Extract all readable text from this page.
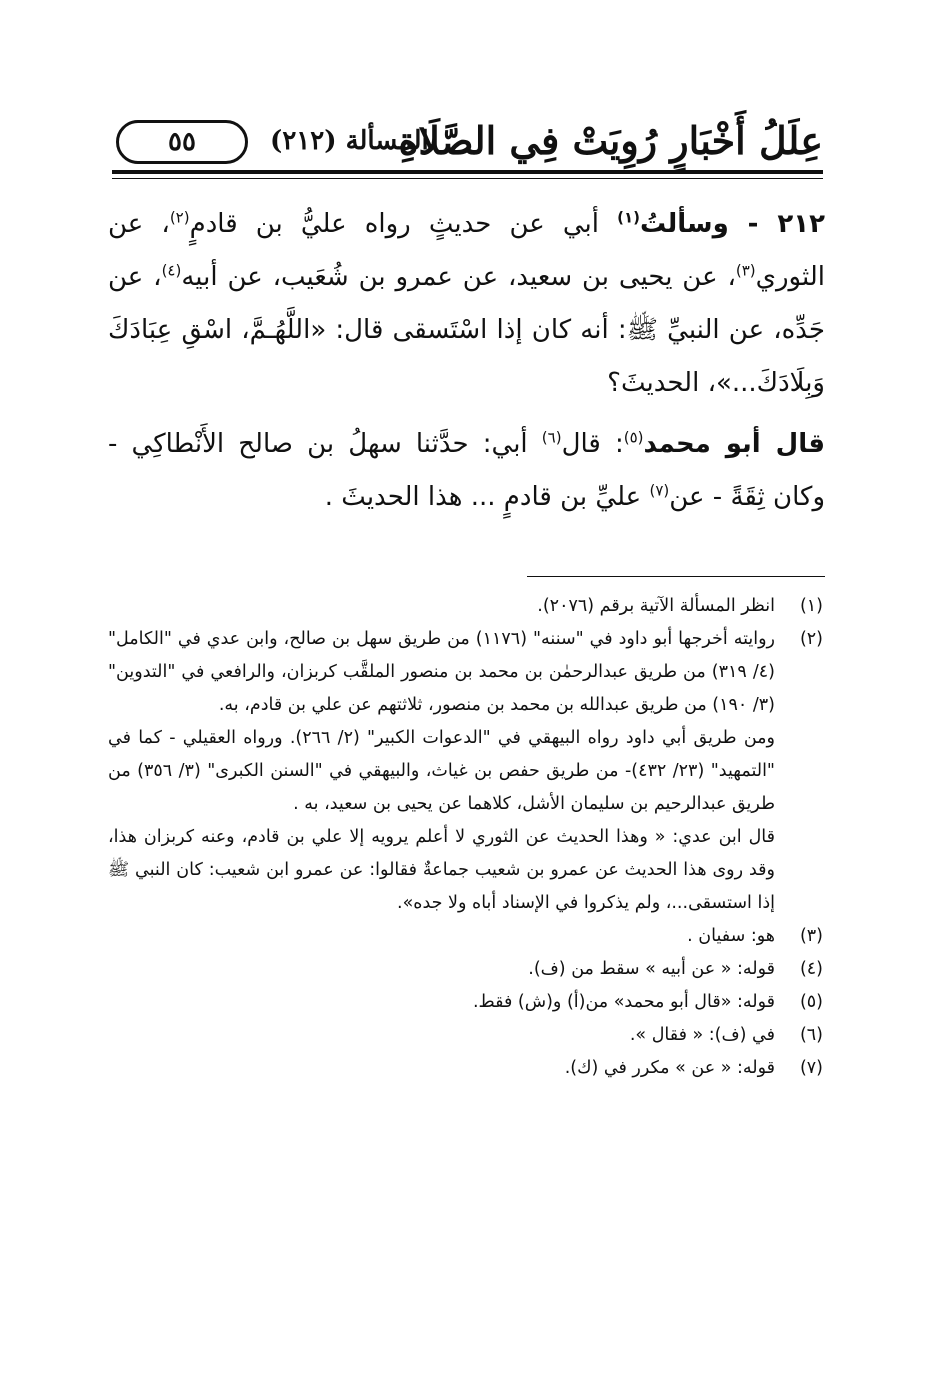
عِلَلُ أَخْبَارٍ رُوِيَتْ فِي الصَّلَاةِ
المسألة (٢١٢)
٥٥

٢١٢ - وسألتُ$^{(١)}$ أبي عن حديثٍ رواه عليُّ بن قادمٍ$^{(٢)}$، عن الثوري$^{(٣)}$، عن يحيى بن سعيد، عن عمرو بن شُعَيب، عن أبيه$^{(٤)}$، عن جَدِّه، عن النبيِّ ﷺ: أنه كان إذا اسْتَسقى قال: «اللَّهُـمَّ، اسْقِ عِبَادَكَ وَبِلَادَكَ...»، الحديثَ؟

قال أبو محمد$^{(٥)}$: قال$^{(٦)}$ أبي: حدَّثنا سهلُ بن صالح الأَنْطاكِي - وكان ثِقَةً - عن$^{(٧)}$ عليِّ بن قادمٍ ... هذا الحديثَ .

(١)

انظر المسألة الآتية برقم (٢٠٧٦).

(٢)

روايته أخرجها أبو داود في "سننه" (١١٧٦) من طريق سهل بن صالح، وابن عدي في "الكامل" (٤/ ٣١٩) من طريق عبدالرحمٰن بن محمد بن منصور الملقَّب كربزان، والرافعي في "التدوين" (٣/ ١٩٠) من طريق عبدالله بن محمد بن منصور، ثلاثتهم عن علي بن قادم، به.

ومن طريق أبي داود رواه البيهقي في "الدعوات الكبير" (٢/ ٢٦٦). ورواه العقيلي - كما في "التمهيد" (٢٣/ ٤٣٢)- من طريق حفص بن غياث، والبيهقي في "السنن الكبرى" (٣/ ٣٥٦) من طريق عبدالرحيم بن سليمان الأشل، كلاهما عن يحيى بن سعيد، به .

قال ابن عدي: « وهذا الحديث عن الثوري لا أعلم يرويه إلا علي بن قادم، وعنه كربزان هذا، وقد روى هذا الحديث عن عمرو بن شعيب جماعةٌ فقالوا: عن عمرو ابن شعيب: كان النبي ﷺ إذا استسقى...، ولم يذكروا في الإسناد أباه ولا جده».

(٣)

هو: سفيان .

(٤)

قوله: « عن أبيه » سقط من (ف).

(٥)

قوله: «قال أبو محمد» من(أ) و(ش) فقط.

(٦)

في (ف): « فقال ».

(٧)

قوله: « عن » مكرر في (ك).
